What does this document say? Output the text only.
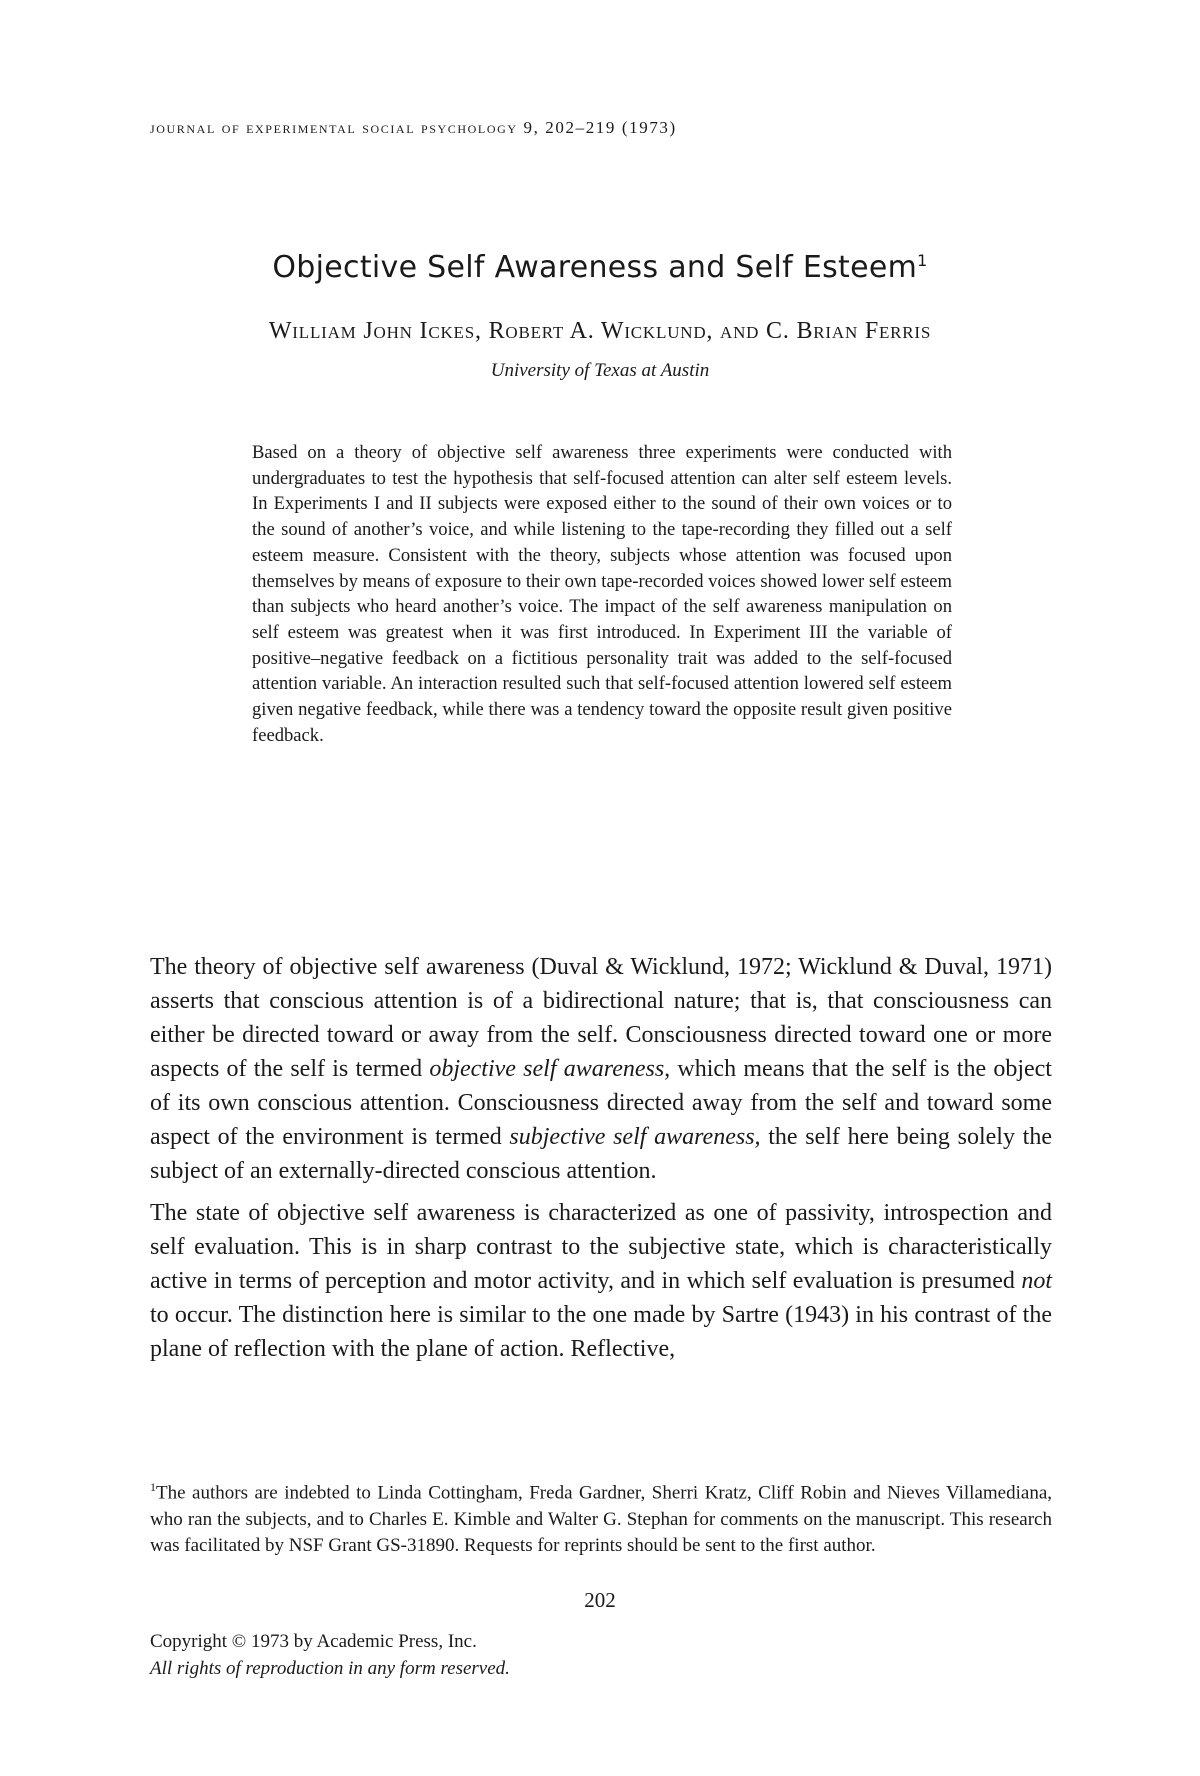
journal of experimental social psychology 9, 202–219 (1973)
Objective Self Awareness and Self Esteem$^1$
William John Ickes, Robert A. Wicklund, and C. Brian Ferris
University of Texas at Austin
Based on a theory of objective self awareness three experiments were conducted with undergraduates to test the hypothesis that self-focused attention can alter self esteem levels. In Experiments I and II subjects were exposed either to the sound of their own voices or to the sound of another’s voice, and while listening to the tape-recording they filled out a self esteem measure. Consistent with the theory, subjects whose attention was focused upon themselves by means of exposure to their own tape-recorded voices showed lower self esteem than subjects who heard another’s voice. The impact of the self awareness manipulation on self esteem was greatest when it was first introduced. In Experiment III the variable of positive–negative feedback on a fictitious personality trait was added to the self-focused attention variable. An interaction resulted such that self-focused attention lowered self esteem given negative feedback, while there was a tendency toward the opposite result given positive feedback.

The theory of objective self awareness (Duval & Wicklund, 1972; Wicklund & Duval, 1971) asserts that conscious attention is of a bidirectional nature; that is, that consciousness can either be directed toward or away from the self. Consciousness directed toward one or more aspects of the self is termed objective self awareness, which means that the self is the object of its own conscious attention. Consciousness directed away from the self and toward some aspect of the environment is termed subjective self awareness, the self here being solely the subject of an externally-directed conscious attention.

The state of objective self awareness is characterized as one of passivity, introspection and self evaluation. This is in sharp contrast to the subjective state, which is characteristically active in terms of perception and motor activity, and in which self evaluation is presumed not to occur. The distinction here is similar to the one made by Sartre (1943) in his contrast of the plane of reflection with the plane of action. Reflective,

$^1$The authors are indebted to Linda Cottingham, Freda Gardner, Sherri Kratz, Cliff Robin and Nieves Villamediana, who ran the subjects, and to Charles E. Kimble and Walter G. Stephan for comments on the manuscript. This research was facilitated by NSF Grant GS-31890. Requests for reprints should be sent to the first author.
202
Copyright © 1973 by Academic Press, Inc.
All rights of reproduction in any form reserved.
